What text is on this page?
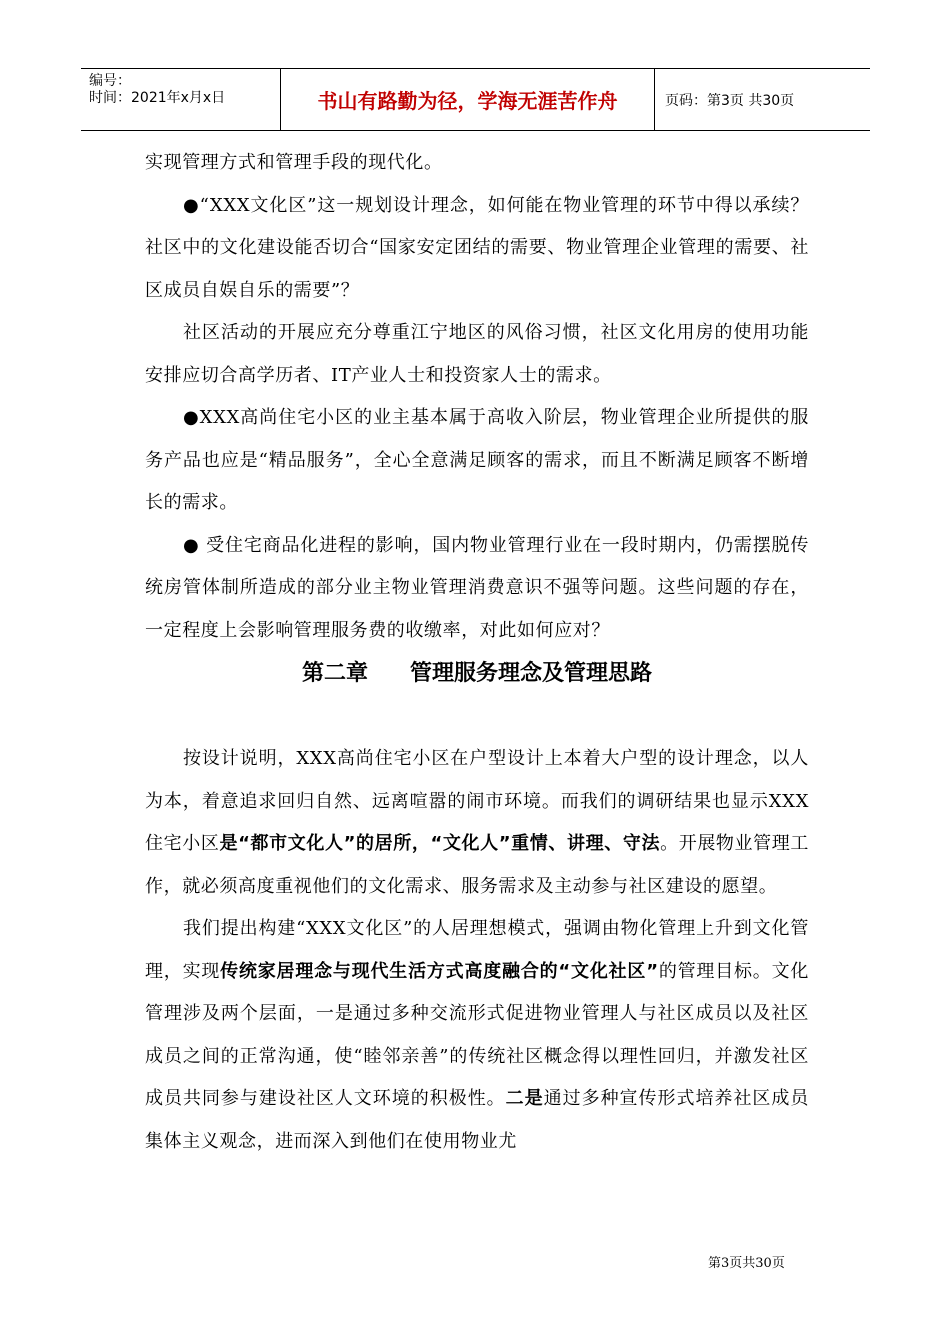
编号：
时间：2021年x月x日	书山有路勤为径，学海无涯苦作舟	页码：第3页 共30页

实现管理方式和管理手段的现代化。

●“XXX文化区”这一规划设计理念，如何能在物业管理的环节中得以承续？社区中的文化建设能否切合“国家安定团结的需要、物业管理企业管理的需要、社区成员自娱自乐的需要”？

社区活动的开展应充分尊重江宁地区的风俗习惯，社区文化用房的使用功能安排应切合高学历者、IT产业人士和投资家人士的需求。

●XXX高尚住宅小区的业主基本属于高收入阶层，物业管理企业所提供的服务产品也应是“精品服务”，全心全意满足顾客的需求，而且不断满足顾客不断增长的需求。

● 受住宅商品化进程的影响，国内物业管理行业在一段时期内，仍需摆脱传统房管体制所造成的部分业主物业管理消费意识不强等问题。这些问题的存在，一定程度上会影响管理服务费的收缴率，对此如何应对？

第二章 管理服务理念及管理思路

按设计说明，XXX高尚住宅小区在户型设计上本着大户型的设计理念，以人为本，着意追求回归自然、远离喧嚣的闹市环境。而我们的调研结果也显示XXX住宅小区是“都市文化人”的居所，“文化人”重情、讲理、守法。开展物业管理工作，就必须高度重视他们的文化需求、服务需求及主动参与社区建设的愿望。

我们提出构建“XXX文化区”的人居理想模式，强调由物化管理上升到文化管理，实现传统家居理念与现代生活方式高度融合的“文化社区”的管理目标。文化管理涉及两个层面，一是通过多种交流形式促进物业管理人与社区成员以及社区成员之间的正常沟通，使“睦邻亲善”的传统社区概念得以理性回归，并激发社区成员共同参与建设社区人文环境的积极性。二是通过多种宣传形式培养社区成员集体主义观念，进而深入到他们在使用物业尤

第3页共30页
